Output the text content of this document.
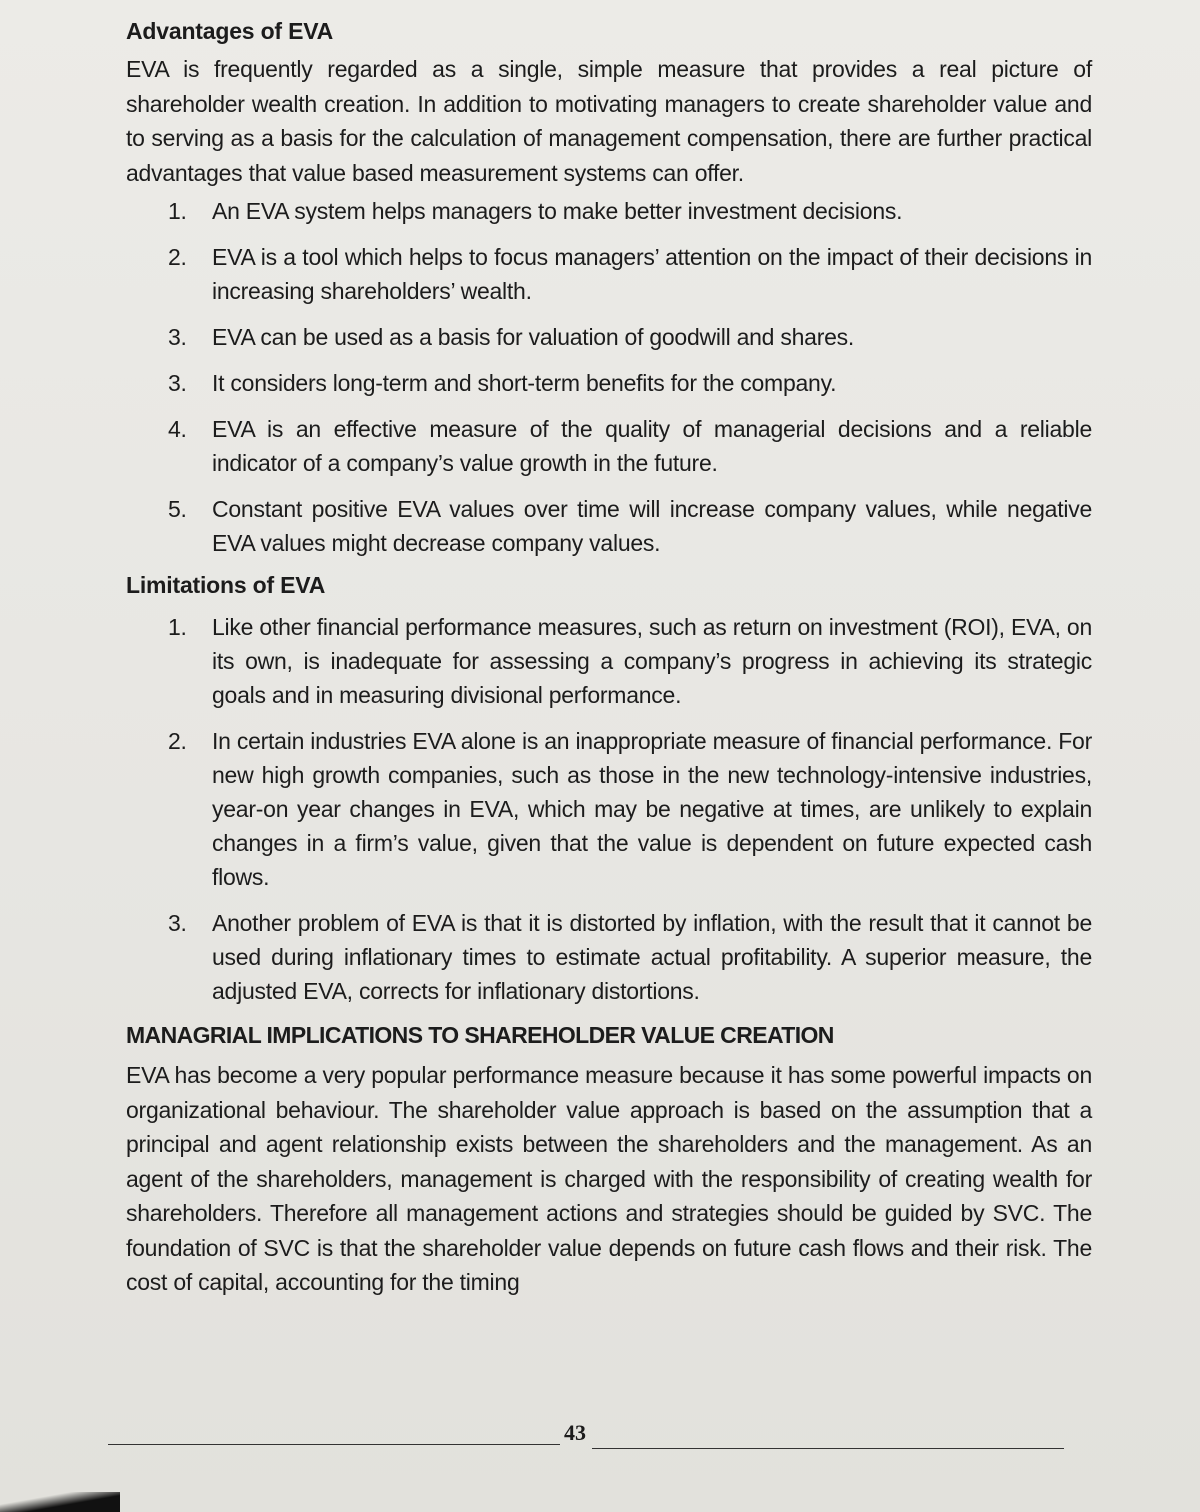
Advantages of EVA

EVA is frequently regarded as a single, simple measure that provides a real picture of shareholder wealth creation. In addition to motivating managers to create shareholder value and to serving as a basis for the calculation of management compensation, there are further practical advantages that value based measurement systems can offer.

1.	An EVA system helps managers to make better investment decisions.
2.	EVA is a tool which helps to focus managers’ attention on the impact of their decisions in increasing shareholders’ wealth.
3.	EVA can be used as a basis for valuation of goodwill and shares.
3.	It considers long-term and short-term benefits for the company.
4.	EVA is an effective measure of the quality of managerial decisions and a reliable indicator of a company’s value growth in the future.
5.	Constant positive EVA values over time will increase company values, while negative EVA values might decrease company values.
Limitations of EVA
1.	Like other financial performance measures, such as return on investment (ROI), EVA, on its own, is inadequate for assessing a company’s progress in achieving its strategic goals and in measuring divisional performance.
2.	In certain industries EVA alone is an inappropriate measure of financial performance. For new high growth companies, such as those in the new technology-intensive industries, year-on year changes in EVA, which may be negative at times, are unlikely to explain changes in a firm’s value, given that the value is dependent on future expected cash flows.
3.	Another problem of EVA is that it is distorted by inflation, with the result that it cannot be used during inflationary times to estimate actual profitability. A superior measure, the adjusted EVA, corrects for inflationary distortions.
MANAGRIAL IMPLICATIONS TO SHAREHOLDER VALUE CREATION

EVA has become a very popular performance measure because it has some powerful impacts on organizational behaviour. The shareholder value approach is based on the assumption that a principal and agent relationship exists between the shareholders and the management. As an agent of the shareholders, management is charged with the responsibility of creating wealth for shareholders. Therefore all management actions and strategies should be guided by SVC. The foundation of SVC is that the shareholder value depends on future cash flows and their risk. The cost of capital, accounting for the timing

43
